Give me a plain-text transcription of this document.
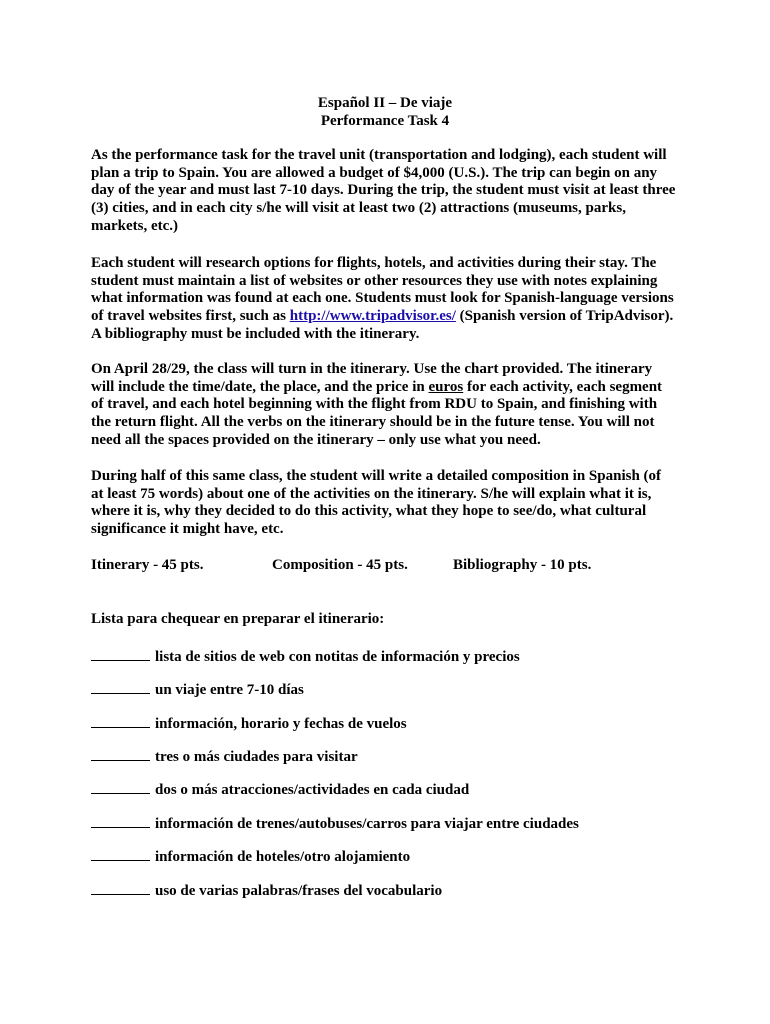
Español II – De viaje
Performance Task 4

As the performance task for the travel unit (transportation and lodging), each student will plan a trip to Spain. You are allowed a budget of $4,000 (U.S.). The trip can begin on any day of the year and must last 7-10 days. During the trip, the student must visit at least three (3) cities, and in each city s/he will visit at least two (2) attractions (museums, parks, markets, etc.)

Each student will research options for flights, hotels, and activities during their stay. The student must maintain a list of websites or other resources they use with notes explaining what information was found at each one. Students must look for Spanish-language versions of travel websites first, such as http://www.tripadvisor.es/ (Spanish version of TripAdvisor). A bibliography must be included with the itinerary.

On April 28/29, the class will turn in the itinerary. Use the chart provided. The itinerary will include the time/date, the place, and the price in euros for each activity, each segment of travel, and each hotel beginning with the flight from RDU to Spain, and finishing with the return flight. All the verbs on the itinerary should be in the future tense. You will not need all the spaces provided on the itinerary – only use what you need.

During half of this same class, the student will write a detailed composition in Spanish (of at least 75 words) about one of the activities on the itinerary. S/he will explain what it is, where it is, why they decided to do this activity, what they hope to see/do, what cultural significance it might have, etc.

Itinerary - 45 pts.	Composition - 45 pts.	Bibliography - 10 pts.
Lista para chequear en preparar el itinerario:
lista de sitios de web con notitas de información y precios
un viaje entre 7-10 días
información, horario y fechas de vuelos
tres o más ciudades para visitar
dos o más atracciones/actividades en cada ciudad
información de trenes/autobuses/carros para viajar entre ciudades
información de hoteles/otro alojamiento
uso de varias palabras/frases del vocabulario
